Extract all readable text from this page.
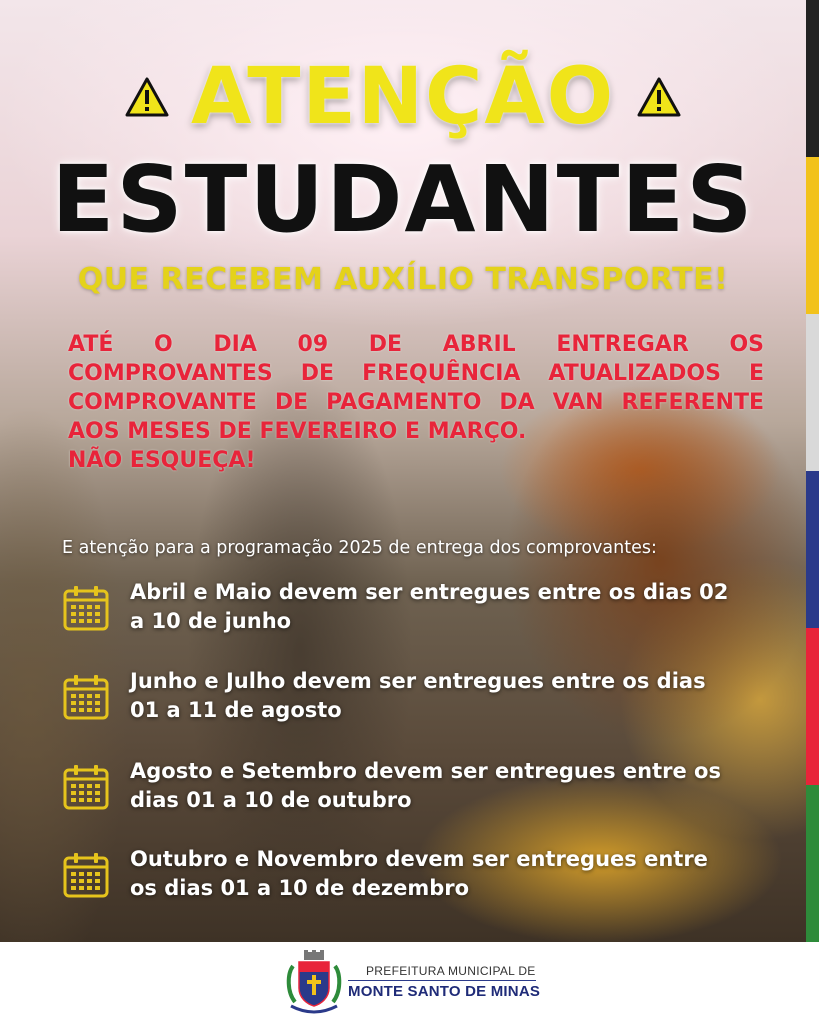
ATENÇÃO
ESTUDANTES
QUE RECEBEM AUXÍLIO TRANSPORTE!

ATÉ O DIA 09 DE ABRIL ENTREGAR OS

COMPROVANTES DE FREQUÊNCIA ATUALIZADOS E

COMPROVANTE DE PAGAMENTO DA VAN REFERENTE

AOS MESES DE FEVEREIRO E MARÇO.

NÃO ESQUEÇA!

E atenção para a programação 2025 de entrega dos comprovantes:
Abril e Maio devem ser entregues entre os dias 02
a 10 de junho
Junho e Julho devem ser entregues entre os dias
01 a 11 de agosto
Agosto e Setembro devem ser entregues entre os
dias 01 a 10 de outubro
Outubro e Novembro devem ser entregues entre
os dias 01 a 10 de dezembro
PREFEITURA MUNICIPAL DE
MONTE SANTO DE MINAS
